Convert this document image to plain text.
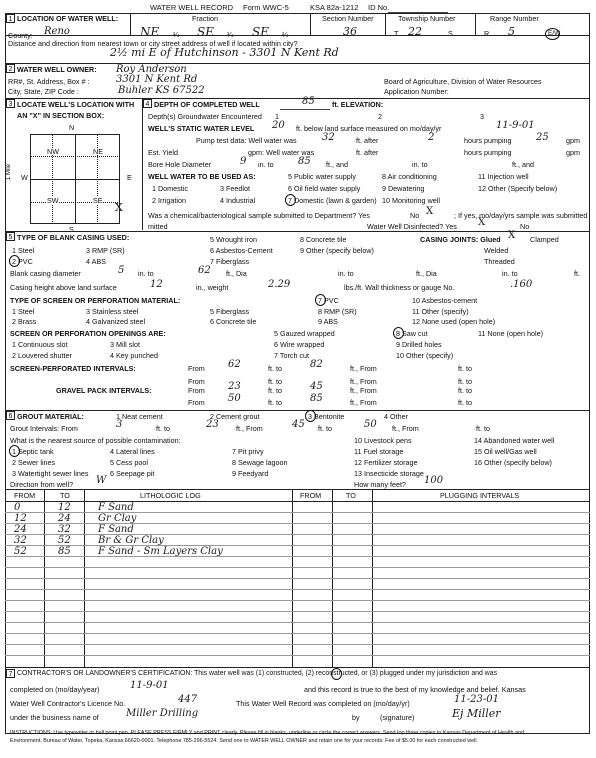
WATER WELL RECORD Form WWC-5	KSA 82a-1212 ID No.
1 LOCATION OF WATER WELL:
County: Reno
Fraction
NE ¼ SE ¼ SE ¼
Section Number
36
Township Number
T 22	S
Range Number
R 5	E/W
Distance and direction from nearest town or city street address of well if located within city?
2½ mi E of Hutchinson - 3301 N Kent Rd
2 WATER WELL OWNER:
RR#, St. Address, Box # :
City, State, ZIP Code :
Roy Anderson
3301 N Kent Rd
Buhler KS 67522
Board of Agriculture, Division of Water Resources
Application Number:
3 LOCATE WELL'S LOCATION WITH
AN "X" IN SECTION BOX:
N
S
W	E
1 Mile
NW	NE
SW	SE
X
4 DEPTH OF COMPLETED WELL	85 ft. ELEVATION:
Depth(s) Groundwater Encountered 1	2	3
WELL'S STATIC WATER LEVEL 20 ft. below land surface measured on mo/day/yr	11-9-01
Pump test data: Well water was	32	ft. after	2	hours pumping 25 gpm
Est. Yield	gpm: Well water was	ft. after	hours pumping	gpm
Bore Hole Diameter	9 in. to 85 ft., and	in. to	ft., and
WELL WATER TO BE USED AS:	5 Public water supply	8 Air conditioning	11 Injection well
1 Domestic	3 Feedlot	6 Oil field water supply	9 Dewatering	12 Other (Specify below)
2 Irrigation	4 Industrial	7 Domestic (lawn & garden) 10 Monitoring well
Was a chemical/bacteriological sample submitted to Department? Yes	No X	; If yes, mo/day/yrs sample was submitted
mitted	Water Well Disinfected? Yes X	No
5 TYPE OF BLANK CASING USED:	5 Wrought iron	8 Concrete tile
1 Steel	3 RMP (SR)	6 Asbestos-Cement	9 Other (specify below)
2 PVC	4 ABS	7 Fiberglass
CASING JOINTS: Glued X Clamped
Welded
Threaded
Blank casing diameter	5 in. to	62 ft., Dia	in. to	ft., Dia	in. to	ft.
Casing height above land surface	12	in., weight	2.29	lbs./ft. Wall thickness or gauge No.	.160
TYPE OF SCREEN OR PERFORATION MATERIAL:
1 Steel
2 Brass
3 Stainless steel
4 Galvanized steel
5 Fiberglass
6 Concrete tile
7 PVC
8 RMP (SR)
9 ABS
10 Asbestos-cement
11 Other (specify)
12 None used (open hole)
SCREEN OR PERFORATION OPENINGS ARE:	5 Gauzed wrapped	8 Saw cut	11 None (open hole)
1 Continuous slot	3 Mill slot	6 Wire wrapped	9 Drilled holes
2 Louvered shutter	4 Key punched	7 Torch cut	10 Other (specify)
SCREEN-PERFORATED INTERVALS:	From 62	ft. to	82	ft., From	ft. to
From	ft. to	ft., From	ft. to
GRAVEL PACK INTERVALS:	From 23	ft. to	45	ft., From	ft. to
From 50	ft. to	85	ft., From	ft. to
6 GROUT MATERIAL:	1 Neat cement	2 Cement grout	3 Bentonite	4 Other
Grout Intervals: From	3	ft. to	23 ft., From	45 ft. to	50 ft., From	ft. to
What is the nearest source of possible contamination:
1 Septic tank	4 Lateral lines	7 Pit privy
10 Livestock pens	14 Abandoned water well
2 Sewer lines	5 Cess pool	8 Sewage lagoon
11 Fuel storage	15 Oil well/Gas well
3 Watertight sewer lines	6 Seepage pit	9 Feedyard
12 Fertilizer storage	16 Other (specify below)
13 Insecticide storage
Direction from well? W	How many feet? 100
FROM	TO	LITHOLOGIC LOG	FROM	TO	PLUGGING INTERVALS
0	12	F Sand
12	24	Gr Clay
24	32	F Sand
32	52	Br & Gr Clay
52	85	F Sand - Sm Layers Clay
7 CONTRACTOR'S OR LANDOWNER'S CERTIFICATION: This water well was (1) constructed, (2) reconstructed, or (3) plugged under my jurisdiction and was
completed on (mo/day/year)	11-9-01	and this record is true to the best of my knowledge and belief. Kansas
Water Well Contractor's Licence No.	447	This Water Well Record was completed on (mo/day/yr)	11-23-01
under the business name of	Miller Drilling	by	(signature)	Ej Miller
INSTRUCTIONS: Use typewriter or ball point pen. PLEASE PRESS FIRMLY and PRINT clearly. Please fill in blanks, underline or circle the correct answers. Send top three copies to Kansas Department of Health and
Environment, Bureau of Water, Topeka, Kansas 66620-0001. Telephone 785-296-5524. Send one to WATER WELL OWNER and retain one for your records. Fee of $5.00 for each constructed well.
